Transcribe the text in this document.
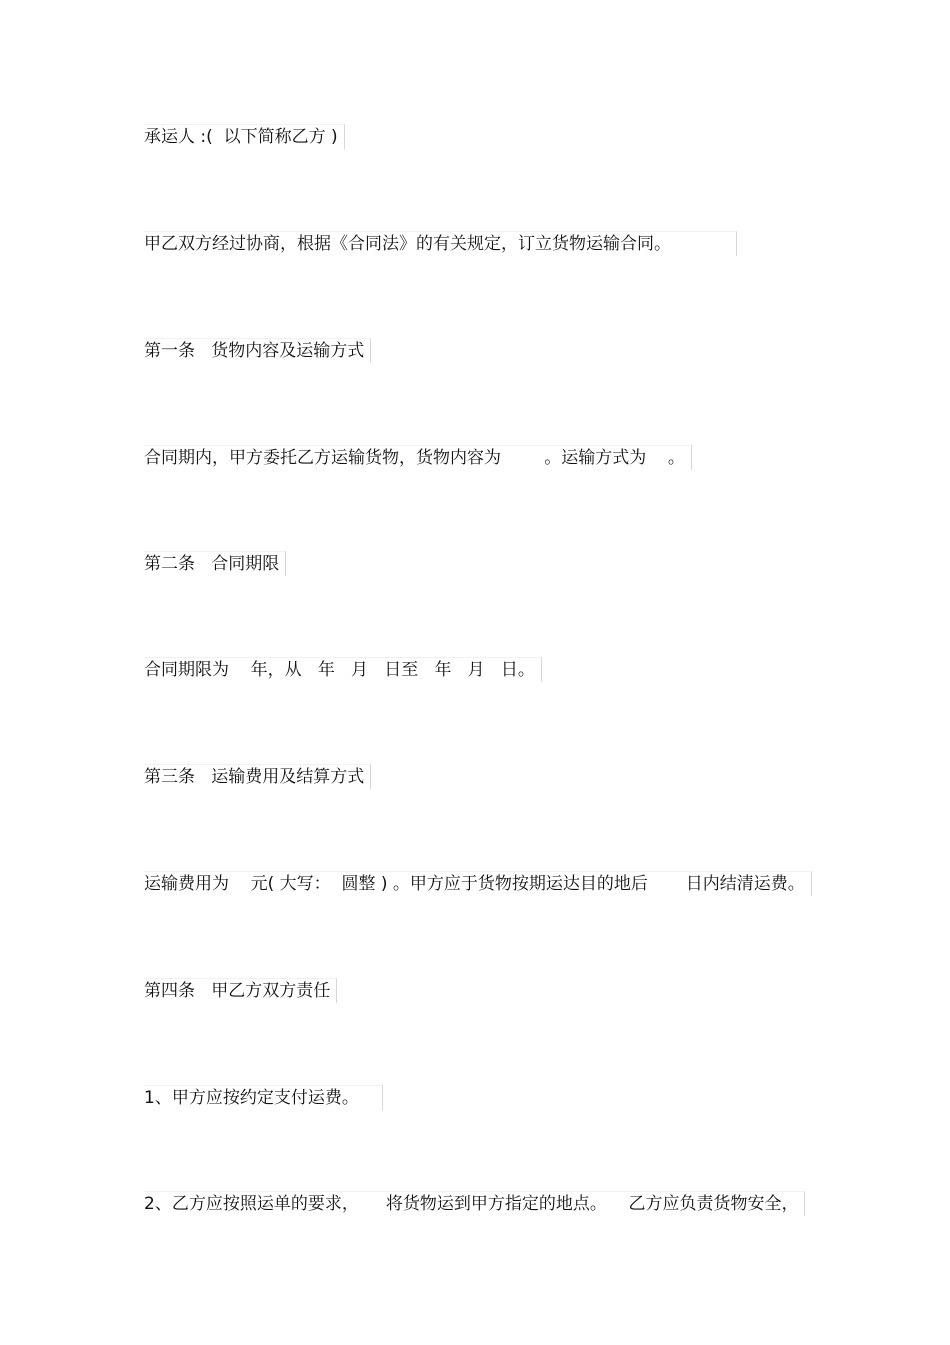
承运人 :(  以下简称乙方 )
甲乙双方经过协商，根据《合同法》的有关规定，订立货物运输合同。
第一条   货物内容及运输方式
合同期内，甲方委托乙方运输货物，货物内容为        。运输方式为    。
第二条   合同期限
合同期限为    年，从   年   月   日至   年   月   日。
第三条   运输费用及结算方式
运输费用为    元( 大写：  圆整 ) 。甲方应于货物按期运达目的地后       日内结清运费。
第四条   甲乙方双方责任
1、甲方应按约定支付运费。
2、乙方应按照运单的要求，     将货物运到甲方指定的地点。    乙方应负责货物安全，
